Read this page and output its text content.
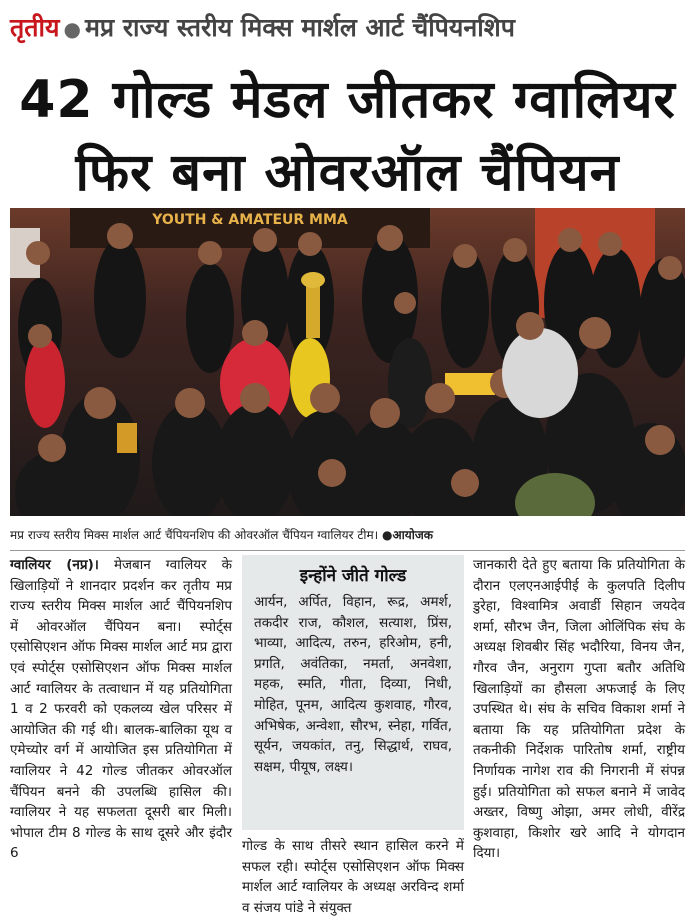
तृतीय ● मप्र राज्य स्तरीय मिक्स मार्शल आर्ट चैंपियनशिप
42 गोल्ड मेडल जीतकर ग्वालियर
फिर बना ओवरऑल चैंपियन
YOUTH & AMATEUR MMA
मप्र राज्य स्तरीय मिक्स मार्शल आर्ट चैंपियनशिप की ओवरऑल चैंपियन ग्वालियर टीम। ●आयोजक
ग्वालियर (नप्र)। मेजबान ग्वालियर के खिलाड़ियों ने शानदार प्रदर्शन कर तृतीय मप्र राज्य स्तरीय मिक्स मार्शल आर्ट चैंपियनशिप में ओवरऑल चैंपियन बना। स्पोर्ट्स एसोसिएशन ऑफ मिक्स मार्शल आर्ट मप्र द्वारा एवं स्पोर्ट्स एसोसिएशन ऑफ मिक्स मार्शल आर्ट ग्वालियर के तत्वाधान में यह प्रतियोगिता 1 व 2 फरवरी को एकलव्य खेल परिसर में आयोजित की गई थी। बालक-बालिका यूथ व एमेच्योर वर्ग में आयोजित इस प्रतियोगिता में ग्वालियर ने 42 गोल्ड जीतकर ओवरऑल चैंपियन बनने की उपलब्धि हासिल की। ग्वालियर ने यह सफलता दूसरी बार मिली। भोपाल टीम 8 गोल्ड के साथ दूसरे और इंदौर 6
इन्होंने जीते गोल्ड
आर्यन, अर्पित, विहान, रूद्र, अमर्श, तकदीर राज, कौशल, सत्याश, प्रिंस, भाव्या, आदित्य, तरुन, हरिओम, हनी, प्रगति, अवंतिका, नमर्ता, अनवेशा, महक, स्मति, गीता, दिव्या, निधी, मोहित, पूनम, आदित्य कुशवाह, गौरव, अभिषेक, अन्वेशा, सौरभ, स्नेहा, गर्वित, सूर्यन, जयकांत, तनु, सिद्धार्थ, राघव, सक्षम, पीयूष, लक्ष्य।
गोल्ड के साथ तीसरे स्थान हासिल करने में सफल रही। स्पोर्ट्स एसोसिएशन ऑफ मिक्स मार्शल आर्ट ग्वालियर के अध्यक्ष अरविन्द शर्मा व संजय पांडे ने संयुक्त
जानकारी देते हुए बताया कि प्रतियोगिता के दौरान एलएनआईपीई के कुलपति दिलीप डुरेहा, विश्वामित्र अवार्डी सिहान जयदेव शर्मा, सौरभ जैन, जिला ओलिंपिक संघ के अध्यक्ष शिवबीर सिंह भदौरिया, विनय जैन, गौरव जैन, अनुराग गुप्ता बतौर अतिथि खिलाड़ियों का हौसला अफजाई के लिए उपस्थित थे। संघ के सचिव विकाश शर्मा ने बताया कि यह प्रतियोगिता प्रदेश के तकनीकी निर्देशक पारितोष शर्मा, राष्ट्रीय निर्णायक नागेश राव की निगरानी में संपन्न हुई। प्रतियोगिता को सफल बनाने में जावेद अख्तर, विष्णु ओझा, अमर लोधी, वीरेंद्र कुशवाहा, किशोर खरे आदि ने योगदान दिया।
